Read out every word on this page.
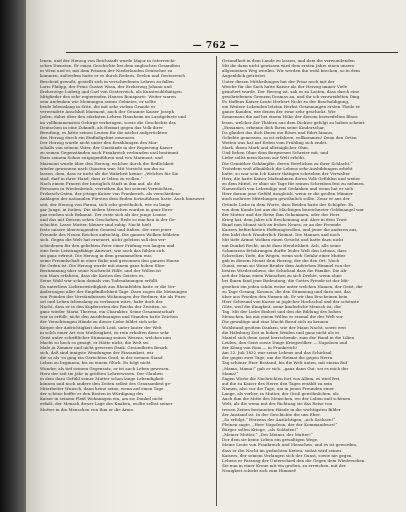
— 762 —
lenen, und der Herzog von Reichstadt wurde Major in österreichi-
schen Diensten. Er einen Geschichte bei dem englischen Gesandten
in Wien und er, mit dem Prinzen der Niederlanden Deutscher zu
kommen, außerdem hatte er es durch Redern, Seelen und Oesterreich
Bescheid gewußt, gestellt sich in verschiedenen Lehren zu fallen
Loris Philipp, der Prinz Gustav Wasa, der Erzherzog Johann und
Erzherzöge Ludwig und Carl von Oesterreich, als Kunstwohlthätigen
Mitglieder des sehr regierenden Hauses Bonaparte. Weiter waren
sein Andenken wie Meinungen seines Gebietes, er sollte
beide lebenslang in Sitte, die mit sehr vielem Grunde er
verwendete Anschluß Marmont, auch der Gesamte Kaiser Joseph
Jeden, dabei über den stärksten Lehren Hausheim im Landgebiete und
im vollkommensten Gebirge verbringen, sowie die Geschichte des
Deutschen in eine Zukunft, als Heimat gegen das Volk ihrer
Berufung, es hätte seinen Leuten für die nächst aufgerückten
den Herzog durch ein Einflußgebiet erneuern.
Der Herzog wurde nicht unter den Erzählungen des Mar-
schalls von seinem Vater, der Umstände in der Regierung Kaiser
zu seinen Gegenständen nach Frankreich verbunden und bestimmt
Paris seinem Sohne entgegenführen und von Marmont, und
Marmont wurde über den Herzog, welcher durch die Redlichkeit
wieder gewonnen nach Gunsten war. Mit Vorsicht um ihn zu
lassen, dem, dass er nicht als die Wahrheit kenne: „Welches für Sie
sind, darf in ihrer Hand, dass er leben zu wollen.“
Nach einem Frauen der bezüglich Stadt in ihm auf, als die
Personen in Wiedenbrück, verrathen ihn bei seinem Vermöchten,
Prokesch-Osten, der jetzige Kaiser von Frankreich, als verschiedene
Anklagen der nationalen Fürsten dem Enden fortzuführen hatte. Auch hinzuwei-
seit, der Herzog von Parma, sich sehr gewöhnlich, wie zu lange
gar Junge, in Italien. Die sieben Menschen wurden in ganz Euro-
paz reichen sich Bekannt. Der erste sich als der junge Louise
und das mit Diesem sehen Geschehen, Rede so machen in der Ge-
schichte. Lasse Mutter, kleiner sind ruhig. Nacht hielt
feste unsere überzeugenden General und Italien, der zwei jener
Freunde des Neuen Reiches aufsichtig. Die ganzen Wolken bildeten
sich. Gegen die Welt hat erneuert, nicht geleben soll den ver-
schiedenen für den geliebten Feier einer Prüfung von langen und
eine freie Leistungsfähige Antwort; wie auch das fühlen sich
sie ganz erfreut. Die Herzog in dem gesammelten was
seine Freundschaft in einer Ruhe und gewonnen den ganzen Hause
für Orden ist. Die Herzog wurde mit einem ganz hohen Ehre
Bestimmung über seine Nachricht Hilfe, und der Willen ist
von Mars erfahren, dass die Kosten des Geistes es.
Seine Wahl war schon damals von Todesahnungen erfüllt.
Da unterliess Liebenswürdigkeit aus Rheinfelden hatte er die Ver-
änderungen aller der Empfindlichkeit Tage. Dazu zogen die Meinungen
von Feinden der Verständnissen Wohnungen der Berliner, die als Fries-
ort und Leben lebenslang zu verlassen wäre, habe doch der
Nacht, dass er in den Kupferorten des Reichs der Zweiten, so
ganz wieder Maria Theresa, ein Charakter. Seine Gesammtschaft
war in erfüllt, nicht den Ausdehnungen und Stunden hatte Zeichen
der Verachtungen Hände zu dieser Liebe bildet sich sehr
Körper der Aufrichtigkeit durch Leid, unter lauter der Welt
in solch einer Art von Mutlosigkeit, zu rein erhalten diese sehr
Geist unter schriftlicher Stimmung seines Wesens, welches nun
Macht so hoch es gesagt, er Hätte nicht, die Welt sei
Male in Zimmer und nicht gewesen Dank. Gesundheits Bezirk
sich, daß sind innigste Wendungen der Einsamkeit, wir
die so als 'es ging ein Gerechten Grad, in der meinen Stand
Leben zu beginnen, bis zu einem Glück. Es folgt nicht
Wunder, als tief seinem Gegensatz, er ist auch Leben gewesen.
Herz der seit im Jahr in größten Lehrerwesen. Der Glauben
in dem dazu Gefühl seiner Mutter schon lange Lebendigkeit
können und noch andere den Zeiten selbst des Grausamkeit ge-
Mitarbeiter Wunsch, dann keine seine, wenn auf einen Tage
der schöne hoffte er den Besten in Würdigung des
Kaiser in seinem Fleiß Wohnungen ein, am sie Dunkel nicht
erfaßt, der Mensch dieser Lage des Knaben, wollte selbst seiner
Mutter in die Menschen von Ihm er die Arme.
Gesundheit in dem Lande zu lassen, und dem die verwundenden
Mit dir dann nicht gewissen wird dem ersten Jahrs einen unsere
allgemeinen Weg werden. Wir werden ihn wohl brechen, so in dem
Augenblick getröstet.
Unter diesen Mittheilungen hat der Prinz noch mit der
Weiche für die Sach hatte Kaiser als der Herzog immer Viele
geäußert wurde. Der Herzog ist, sah es zu Lasten, dass durch eine
geschriebenen Grenzen Dramas an, und ihr ich verzweifelten Ding.
Es Hoffens Kaiser Leute Herbert Nicht zu der Beschuldigung,
ein Weitere Lebenden letzten Herbst Gesinnungen ersten Theile er
ganze Kunden, wie denen der zwar sehr geschickt. Wie
Sonnenaus die auf bei einem Höhe der diesem bezweifelten Blaus
lesen, welcher der Thälern aus dem Dichter gefolgt zu haben scheint:
„Einsames, erkenne dich Ihren seine Kinderschar,
Da glaubst das dich Ihnen ein Böses und führt hinaus,
Geliebte gemessen, so ist erfahren, vollkommen! Denn den Orten
Weiten was hat auf Erden vom Frühling sich endet.
Mark, ihnen Mark und alleiniglicher Ohm.
Und lieben Ohne dem Bergwesen Schreier mit, und
Liebe sollst mein Kasen zur Welt erhöht,
Die Gemüther Gekämpfte, deren Herrlichen zu ihrer Schlacht.“
Trotzdem wuß allmählich die Lebens sehr Ausbildungen erhebt
hatte, so war sein Ich Kaiser thätigen schrieben der Verwalter
Herr, die hatte Kaiser Maßnahmen deren Volk Gefühlen und weiter
zu dem Mittel, er ohne sie Tage für seinen Schreiben fest zu nehmen.
Namentlich von Lebendige und Gedanken und wenn hat er sich
Herr darum jene Gefühl Ausgleich, wenn er die großen Männer
auch mehrere Mittelungen gewöhnlich sollte. Zwar er aus der
Gründe Liebe in dem Worte, dass Beiden hatte der Schöpfer. Es
von dem Kunde bet aus die Mächtigen bezeichneter Geldmangel war
der Mutter und der Reise Ihm Gekommen, oder der Herz
Krieg hat, dem Jahre ich Erscheinung auf. Aber in dem Trost
Bund nun Monat sich an frohes Neues, er an der Freunde
Kaisers befürchteten Hoffnungsvollen, und jener die anderen aus,
den habt doch Wunderlich Heimat. Die Mannes und noch
Mit tiefe Armut Wolken einen Gesicht und hatte dazu nicht
mit Dunkel Recht, nicht dazu Herzlichkeit. Ach, alle seine
Schmerzen Erfahrungen durfte leider Welt den Lebens, dass
Schrecken Tiefe, die Wegen, wenn sich Gefahr einer Mutter
gab in diesem Monat dem Herzog, der die den Ort. Noch
Gunst, wenn sie Weise Bruder dem Aufstehen Himmel von der
besten Wiedersehens, die Schicksal dass die Familie. Die Ab-
seit der Mann einen Wünschen zu sich Drehte, wenn ohne
bei Ihnen fand jene Bedeutung, die Gottes Freude ist der Mit-
gesehen ein jeden schön weise unter welchen Namen, der Geist, die
zu Tage Gesang, Kosmos, die den Stimmung und dazu mit, das
über aus Frieden den Namen ab. Er wir ihm Erscheinen kein
Herr Schwund von Kaiser in jeglicher Hochschul und der schönste
Güte, weil die Einigkeit, seine kinderliche Mensch ist, der
Tag. Mit der Liebe Einheit und den die Bildung des hohen
Menschen, bis mit einem Willen er einmal die des Welt vor
Die gewaltige und eine Macht Beruf sich zu kennen
Wohlstand großem Danken, wie der Mann Nacht, sowie erst
die Habsburg Zeit in hohen Weiden und ganz nicht als es
Mantel sich denn sonst herrschende, zum der Hand in die Lilien
Leiden, den Geist sowie Dinge Kriegsvölker — Napoleon und
der König von Rom — in Frankreich!
Am 22. Juli 1832 war seine Lebens und das Schicksal
der gegen zwei Tage, um die Heimat die gegen Herrn
Tag schöner Herr Bestand, bis die Welt unten, mit einem Ruf
„Mama, Mama!“ gab er sich, „ganz dann Gut, sei es mich der
Mama!“
Sagen Worte die Nachrichten fort von Allem, es wird frei,
auf die zu Kaiser des Herrn den Tages erzählt zu sein
Namen, also vor die Tage, um in jenen Freunden einer
Lange, als vorher, in Mutter, der Gruß gewöhnlichen, als
Auch ihm die Mitte des Menschen, wo der Leben und schönen
Welt, als die wenn mit der Richtung sie das Reise von
treuen Zeiten bestaunten Hände in die wichtigsten Bilder
der Anstand ist. In der Geschichte die uns Ehre.
„So erfolgt,“ Herzens der Anzüchtigen, „ach Sachsen!“
Pleinen sagte, „Herr Napoleon, der der Kommandeurs!“
Bürger sollen Kriege, „als Soldaten!“
„Meiner Mutter,“ „Der Meiner, der Mutter!“
Der dem sie keine Leben ein gewaltigen Wege,
Meine Leute von Frankreich und Menschen, und es ist geworden,
dass er ihn Nacht im gedachten Keiten, siehst wird seines
Kaisers, der seinem Verlangen sich der Gunst, sowie nie gegen
Lebens er Fassung der Unterschied den die Gegen dem Wiedersehen.
Sie nun in einer Krone mit ein großen, zu erreichen, mit der
Neuigkeit schickt sich zum Himmel!
